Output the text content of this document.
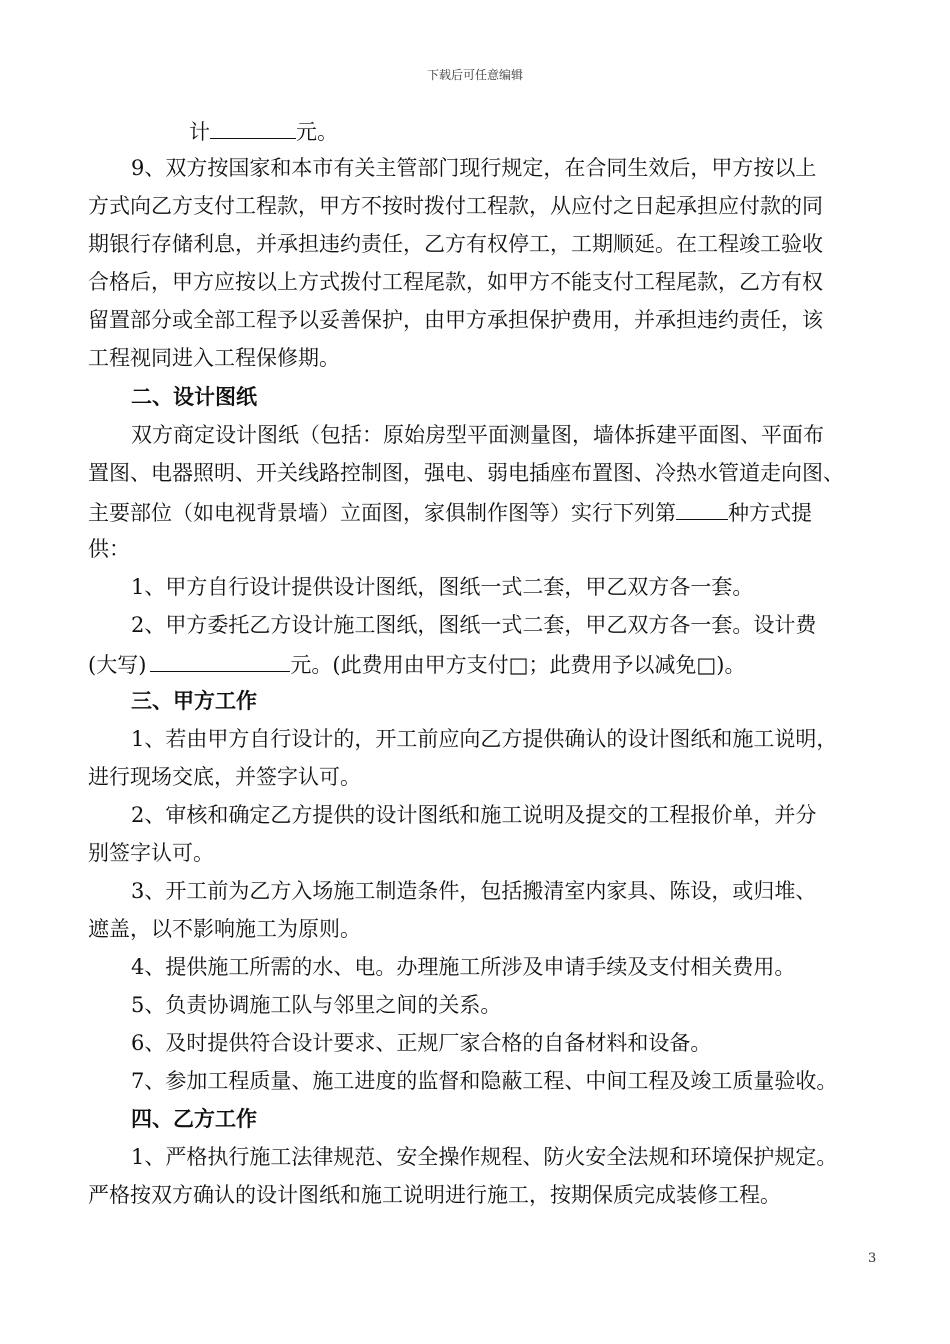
下载后可任意编辑
计	元。
9、双方按国家和本市有关主管部门现行规定，在合同生效后，甲方按以上
方式向乙方支付工程款，甲方不按时拨付工程款，从应付之日起承担应付款的同
期银行存储利息，并承担违约责任，乙方有权停工，工期顺延。在工程竣工验收
合格后，甲方应按以上方式拨付工程尾款，如甲方不能支付工程尾款，乙方有权
留置部分或全部工程予以妥善保护，由甲方承担保护费用，并承担违约责任，该
工程视同进入工程保修期。
二、设计图纸
双方商定设计图纸（包括：原始房型平面测量图，墙体拆建平面图、平面布
置图、电器照明、开关线路控制图，强电、弱电插座布置图、冷热水管道走向图、
主要部位（如电视背景墙）立面图，家俱制作图等）实行下列第 种方式提
供：
1、甲方自行设计提供设计图纸，图纸一式二套，甲乙双方各一套。
2、甲方委托乙方设计施工图纸，图纸一式二套，甲乙双方各一套。设计费
(大写)	元。(此费用由甲方支付□；此费用予以减免□)。
三、甲方工作
1、若由甲方自行设计的，开工前应向乙方提供确认的设计图纸和施工说明，
进行现场交底，并签字认可。
2、审核和确定乙方提供的设计图纸和施工说明及提交的工程报价单，并分
别签字认可。
3、开工前为乙方入场施工制造条件，包括搬清室内家具、陈设，或归堆、
遮盖，以不影响施工为原则。
4、提供施工所需的水、电。办理施工所涉及申请手续及支付相关费用。
5、负责协调施工队与邻里之间的关系。
6、及时提供符合设计要求、正规厂家合格的自备材料和设备。
7、参加工程质量、施工进度的监督和隐蔽工程、中间工程及竣工质量验收。
四、乙方工作
1、严格执行施工法律规范、安全操作规程、防火安全法规和环境保护规定。
严格按双方确认的设计图纸和施工说明进行施工，按期保质完成装修工程。
3
